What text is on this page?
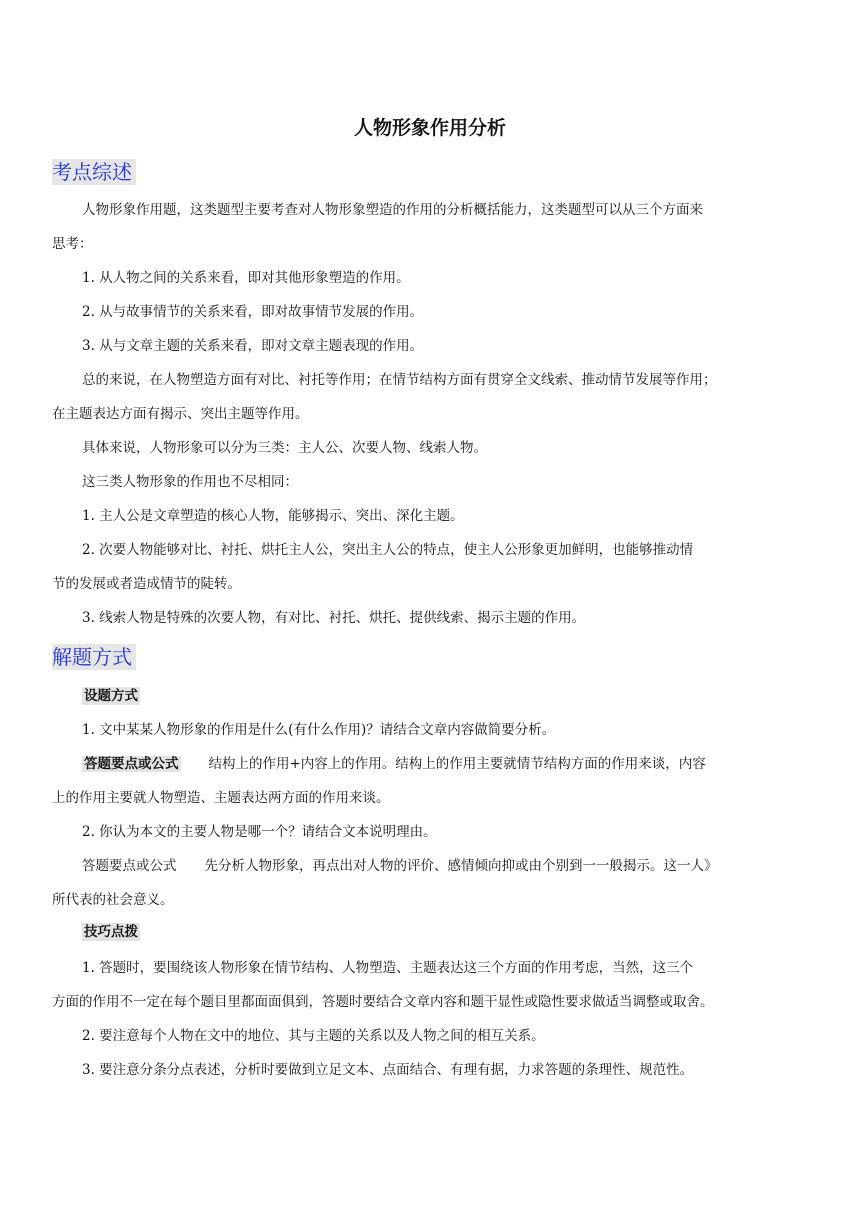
人物形象作用分析
考点综述

人物形象作用题，这类题型主要考查对人物形象塑造的作用的分析概括能力，这类题型可以从三个方面来

思考：

1. 从人物之间的关系来看，即对其他形象塑造的作用。

2. 从与故事情节的关系来看，即对故事情节发展的作用。

3. 从与文章主题的关系来看，即对文章主题表现的作用。

总的来说，在人物塑造方面有对比、衬托等作用；在情节结构方面有贯穿全文线索、推动情节发展等作用；

在主题表达方面有揭示、突出主题等作用。

具体来说，人物形象可以分为三类：主人公、次要人物、线索人物。

这三类人物形象的作用也不尽相同：

1. 主人公是文章塑造的核心人物，能够揭示、突出、深化主题。

2. 次要人物能够对比、衬托、烘托主人公，突出主人公的特点，使主人公形象更加鲜明，也能够推动情

节的发展或者造成情节的陡转。

3. 线索人物是特殊的次要人物，有对比、衬托、烘托、提供线索、揭示主题的作用。

解题方式
设题方式

1. 文中某某人物形象的作用是什么(有什么作用)？请结合文章内容做简要分析。

答题要点或公式 结构上的作用+内容上的作用。结构上的作用主要就情节结构方面的作用来谈，内容

上的作用主要就人物塑造、主题表达两方面的作用来谈。

2. 你认为本文的主要人物是哪一个？请结合文本说明理由。

答题要点或公式 先分析人物形象，再点出对人物的评价、感情倾向抑或由个别到一一般揭示。这一人》

所代表的社会意义。

技巧点拨

1. 答题时，要围绕该人物形象在情节结构、人物塑造、主题表达这三个方面的作用考虑，当然，这三个

方面的作用不一定在每个题目里都面面俱到，答题时要结合文章内容和题干显性或隐性要求做适当调整或取舍。

2. 要注意每个人物在文中的地位、其与主题的关系以及人物之间的相互关系。

3. 要注意分条分点表述，分析时要做到立足文本、点面结合、有理有据，力求答题的条理性、规范性。
